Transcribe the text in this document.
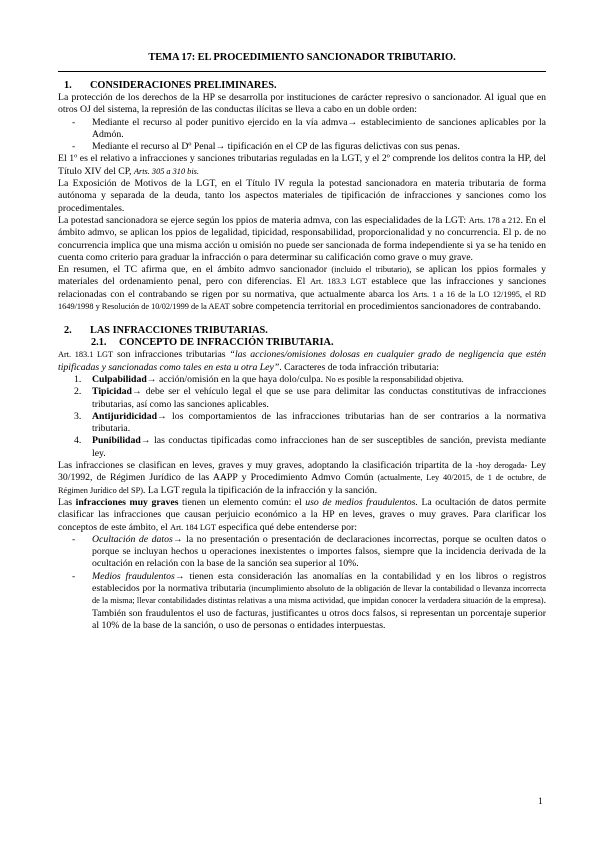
TEMA 17: EL PROCEDIMIENTO SANCIONADOR TRIBUTARIO.
1. CONSIDERACIONES PRELIMINARES.

La protección de los derechos de la HP se desarrolla por instituciones de carácter represivo o sancionador. Al igual que en otros OJ del sistema, la represión de las conductas ilícitas se lleva a cabo en un doble orden:

- Mediante el recurso al poder punitivo ejercido en la vía admva→ establecimiento de sanciones aplicables por la Admón.
- Mediante el recurso al Dº Penal→ tipificación en el CP de las figuras delictivas con sus penas.

El 1º es el relativo a infracciones y sanciones tributarias reguladas en la LGT, y el 2º comprende los delitos contra la HP, del Título XIV del CP, Arts. 305 a 310 bis.

La Exposición de Motivos de la LGT, en el Título IV regula la potestad sancionadora en materia tributaria de forma autónoma y separada de la deuda, tanto los aspectos materiales de tipificación de infracciones y sanciones como los procedimentales.

La potestad sancionadora se ejerce según los ppios de materia admva, con las especialidades de la LGT: Arts. 178 a 212. En el ámbito admvo, se aplican los ppios de legalidad, tipicidad, responsabilidad, proporcionalidad y no concurrencia. El p. de no concurrencia implica que una misma acción u omisión no puede ser sancionada de forma independiente si ya se ha tenido en cuenta como criterio para graduar la infracción o para determinar su calificación como grave o muy grave.

En resumen, el TC afirma que, en el ámbito admvo sancionador (incluido el tributario), se aplican los ppios formales y materiales del ordenamiento penal, pero con diferencias. El Art. 183.3 LGT establece que las infracciones y sanciones relacionadas con el contrabando se rigen por su normativa, que actualmente abarca los Arts. 1 a 16 de la LO 12/1995, el RD 1649/1998 y Resolución de 10/02/1999 de la AEAT sobre competencia territorial en procedimientos sancionadores de contrabando.

2. LAS INFRACCIONES TRIBUTARIAS.
2.1. CONCEPTO DE INFRACCIÓN TRIBUTARIA.

Art. 183.1 LGT son infracciones tributarias “las acciones/omisiones dolosas en cualquier grado de negligencia que estén tipificadas y sancionadas como tales en esta u otra Ley”. Caracteres de toda infracción tributaria:

1. Culpabilidad→ acción/omisión en la que haya dolo/culpa. No es posible la responsabilidad objetiva.
2. Tipicidad→ debe ser el vehículo legal el que se use para delimitar las conductas constitutivas de infracciones tributarias, así como las sanciones aplicables.
3. Antijuridicidad→ los comportamientos de las infracciones tributarias han de ser contrarios a la normativa tributaria.
4. Punibilidad→ las conductas tipificadas como infracciones han de ser susceptibles de sanción, prevista mediante ley.

Las infracciones se clasifican en leves, graves y muy graves, adoptando la clasificación tripartita de la -hoy derogada- Ley 30/1992, de Régimen Jurídico de las AAPP y Procedimiento Admvo Común (actualmente, Ley 40/2015, de 1 de octubre, de Régimen Jurídico del SP). La LGT regula la tipificación de la infracción y la sanción.

Las infracciones muy graves tienen un elemento común: el uso de medios fraudulentos. La ocultación de datos permite clasificar las infracciones que causan perjuicio económico a la HP en leves, graves o muy graves. Para clarificar los conceptos de este ámbito, el Art. 184 LGT especifica qué debe entenderse por:

- Ocultación de datos→ la no presentación o presentación de declaraciones incorrectas, porque se oculten datos o porque se incluyan hechos u operaciones inexistentes o importes falsos, siempre que la incidencia derivada de la ocultación en relación con la base de la sanción sea superior al 10%.
- Medios fraudulentos→ tienen esta consideración las anomalías en la contabilidad y en los libros o registros establecidos por la normativa tributaria (incumplimiento absoluto de la obligación de llevar la contabilidad o llevanza incorrecta de la misma; llevar contabilidades distintas relativas a una misma actividad, que impidan conocer la verdadera situación de la empresa). También son fraudulentos el uso de facturas, justificantes u otros docs falsos, si representan un porcentaje superior al 10% de la base de la sanción, o uso de personas o entidades interpuestas.
1
